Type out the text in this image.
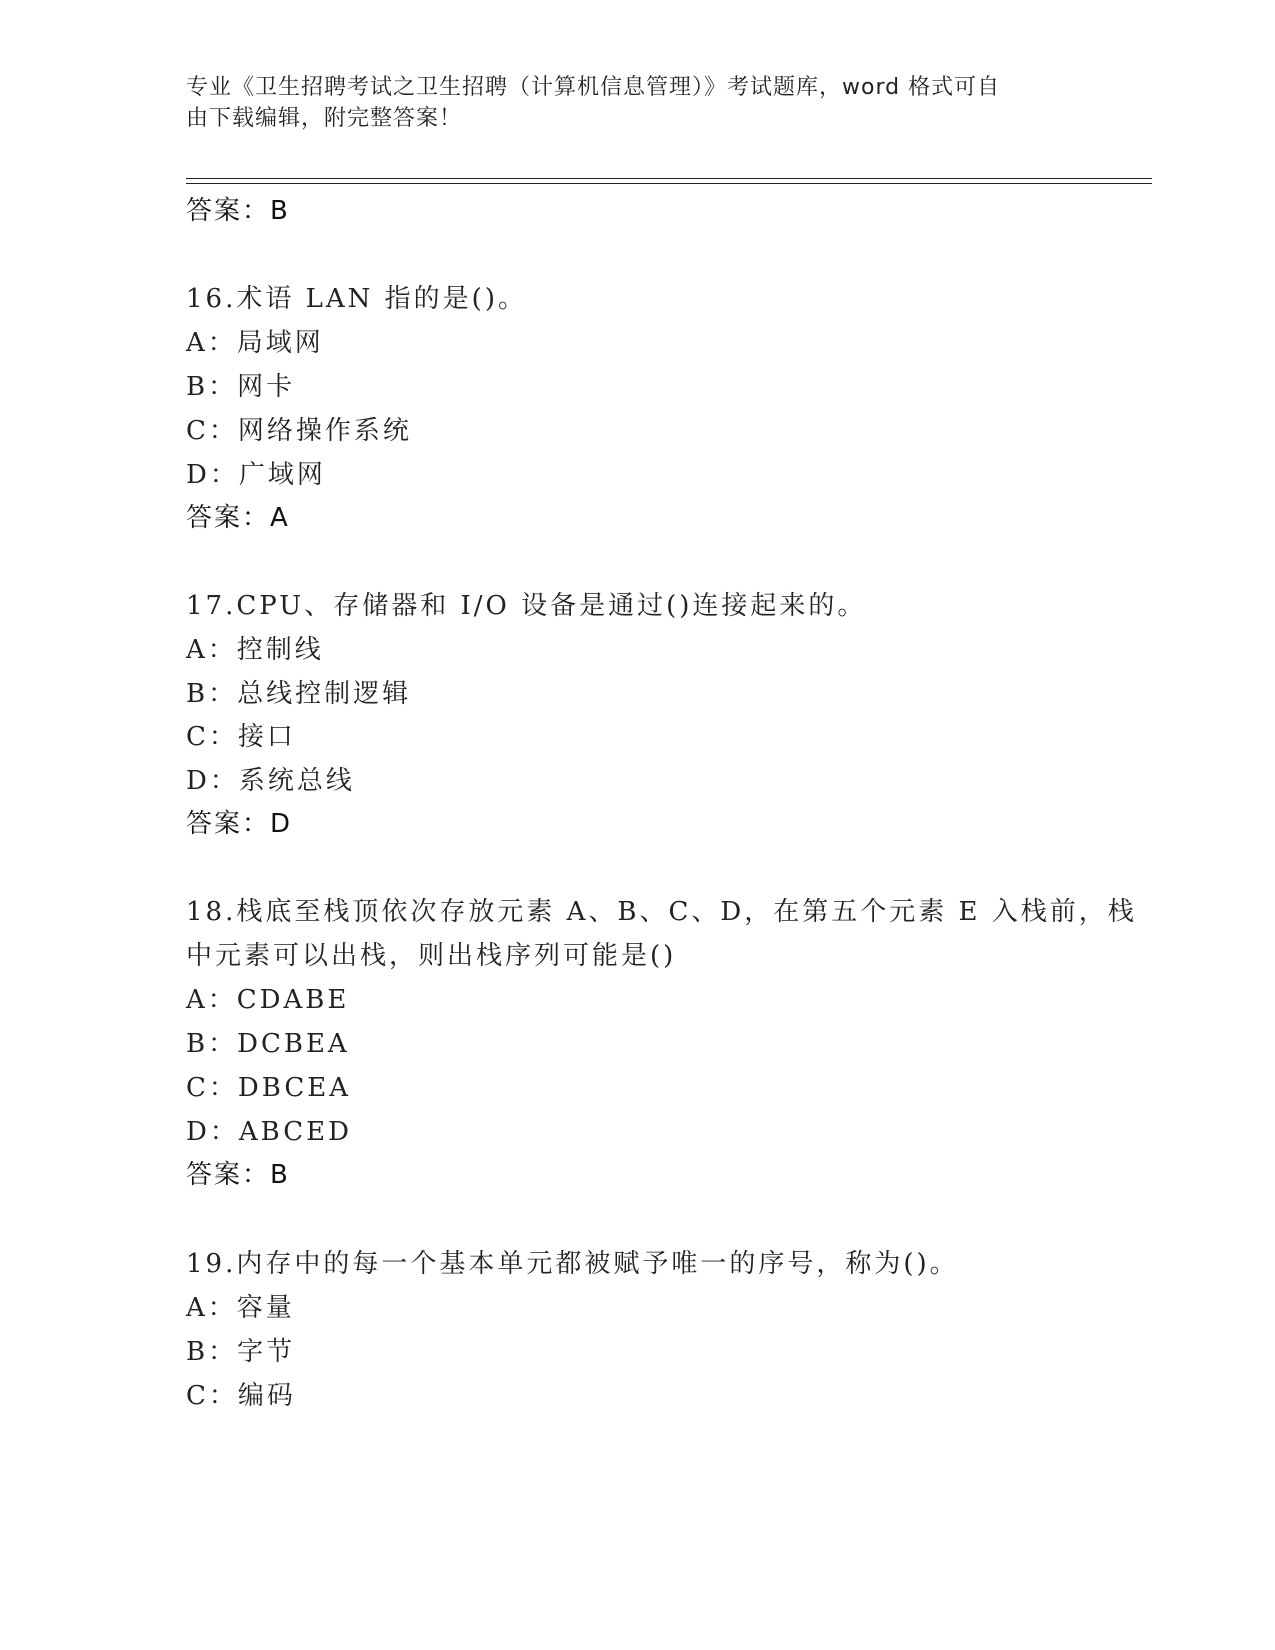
专业《卫生招聘考试之卫生招聘（计算机信息管理）》考试题库，word 格式可自
由下载编辑，附完整答案！
答案：B
16.术语 LAN 指的是()。
A：局域网
B：网卡
C：网络操作系统
D：广域网
答案：A
17.CPU、存储器和 I/O 设备是通过()连接起来的。
A：控制线
B：总线控制逻辑
C：接口
D：系统总线
答案：D
18.栈底至栈顶依次存放元素 A、B、C、D，在第五个元素 E 入栈前，栈
中元素可以出栈，则出栈序列可能是()
A：CDABE
B：DCBEA
C：DBCEA
D：ABCED
答案：B
19.内存中的每一个基本单元都被赋予唯一的序号，称为()。
A：容量
B：字节
C：编码
